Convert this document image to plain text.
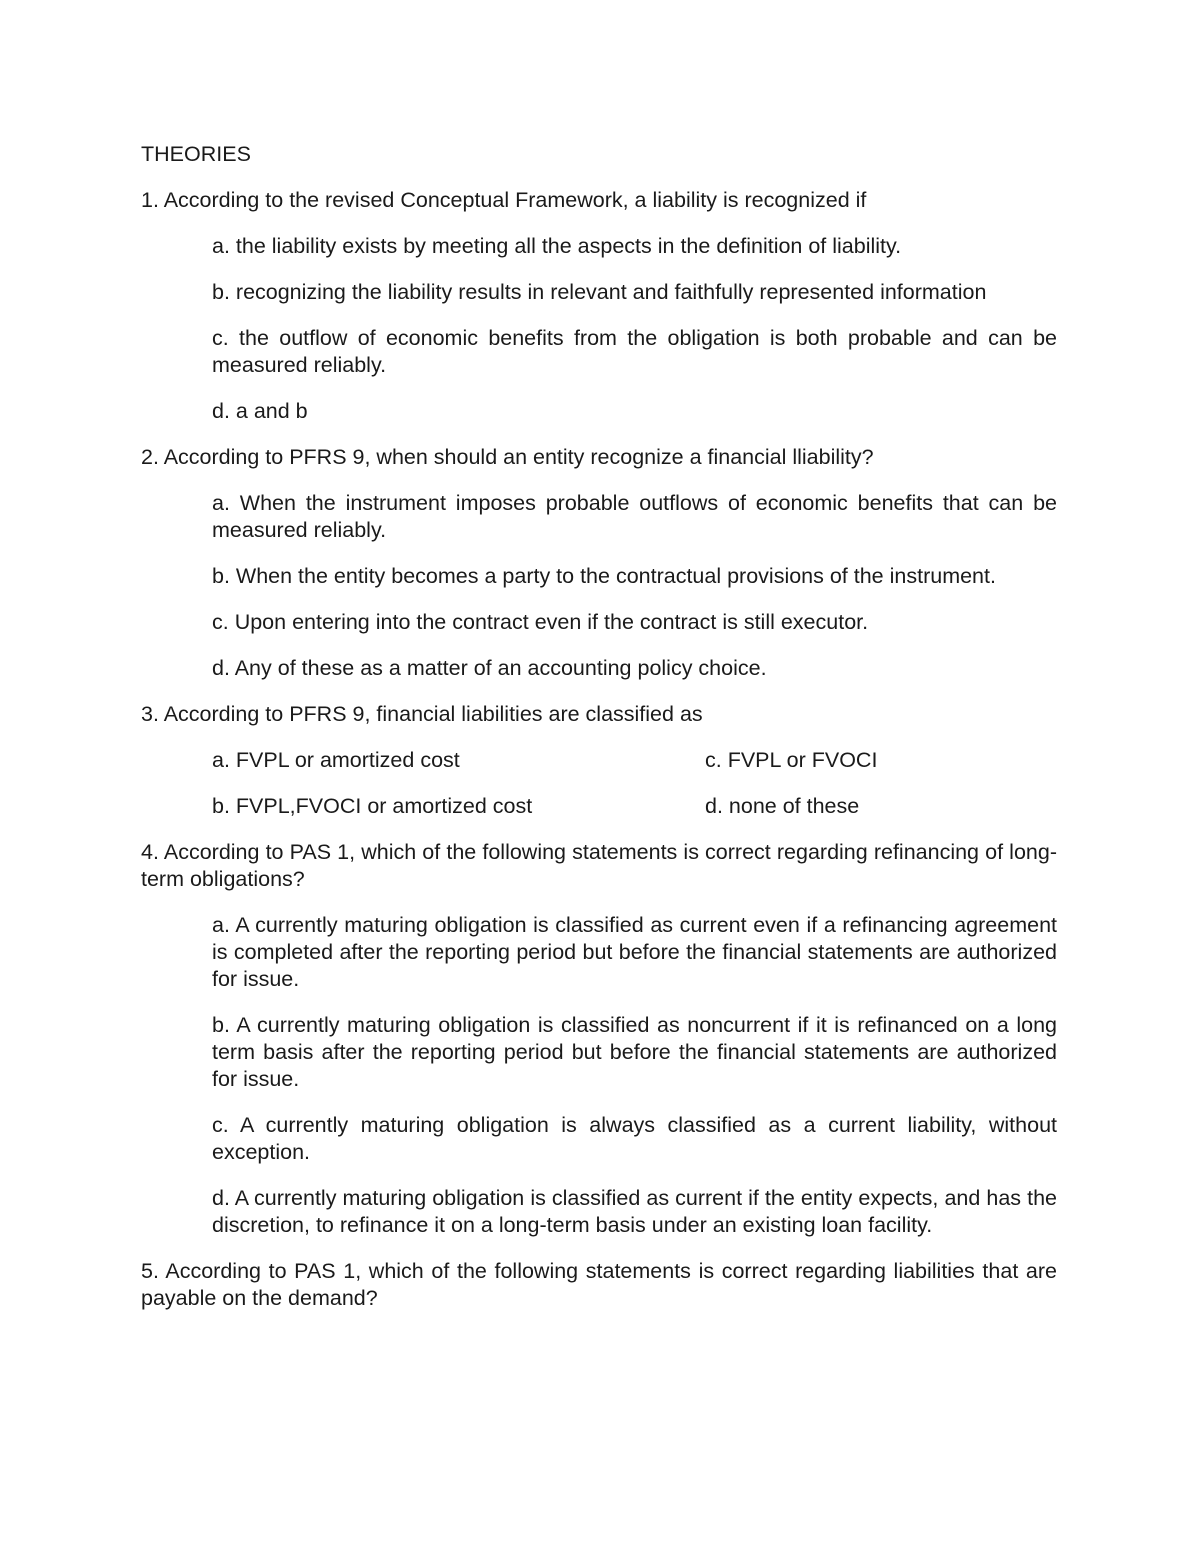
THEORIES
1. According to the revised Conceptual Framework, a liability is recognized if
a. the liability exists by meeting all the aspects in the definition of liability.
b. recognizing the liability results in relevant and faithfully represented information
c. the outflow of economic benefits from the obligation is both probable and can be measured reliably.
d. a and b
2. According to PFRS 9, when should an entity recognize a financial lliability?
a. When the instrument imposes probable outflows of economic benefits that can be measured reliably.
b. When the entity becomes a party to the contractual provisions of the instrument.
c. Upon entering into the contract even if the contract is still executor.
d. Any of these as a matter of an accounting policy choice.
3. According to PFRS 9, financial liabilities are classified as
a. FVPL or amortized cost	c. FVPL or FVOCI
b. FVPL,FVOCI or amortized cost	d. none of these
4. According to PAS 1, which of the following statements is correct regarding refinancing of long-term obligations?
a. A currently maturing obligation is classified as current even if a refinancing agreement is completed after the reporting period but before the financial statements are authorized for issue.
b. A currently maturing obligation is classified as noncurrent if it is refinanced on a long term basis after the reporting period but before the financial statements are authorized for issue.
c. A currently maturing obligation is always classified as a current liability, without exception.
d. A currently maturing obligation is classified as current if the entity expects, and has the discretion, to refinance it on a long-term basis under an existing loan facility.
5. According to PAS 1, which of the following statements is correct regarding liabilities that are payable on the demand?
